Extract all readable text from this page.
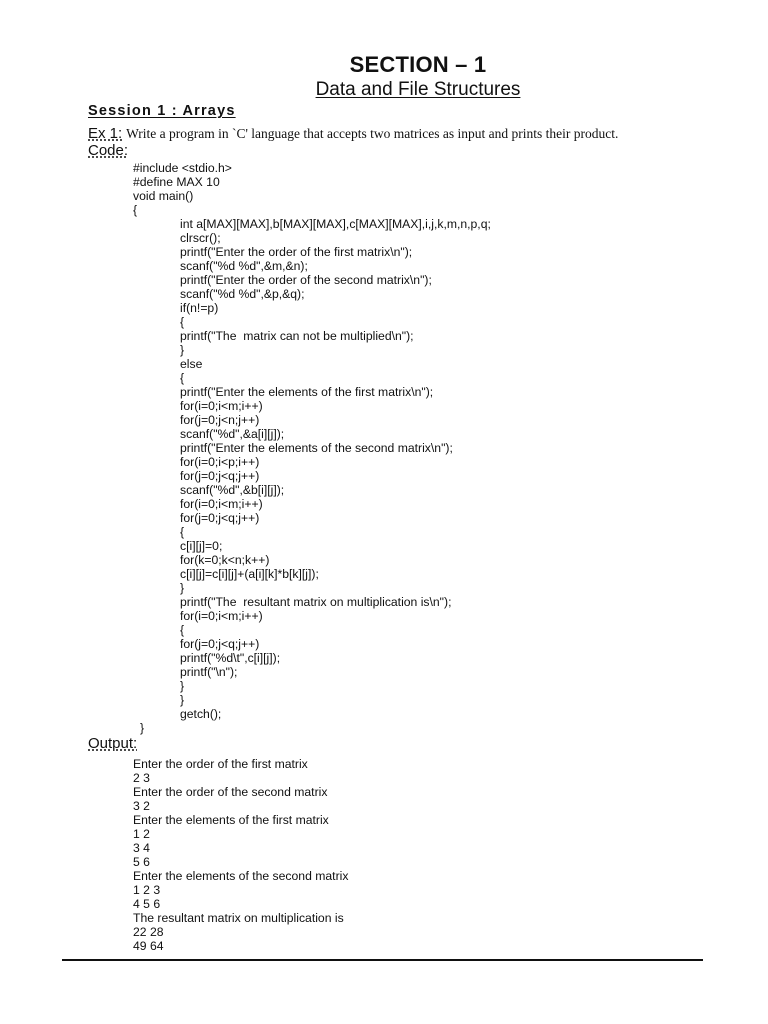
SECTION – 1
Data and File Structures
Session 1 : Arrays
Ex 1: Write a program in `C' language that accepts two matrices as input and prints their product.
Code:
#include <stdio.h>
#define MAX 10
void main()
{
int a[MAX][MAX],b[MAX][MAX],c[MAX][MAX],i,j,k,m,n,p,q;
clrscr();
printf("Enter the order of the first matrix\n");
scanf("%d %d",&m,&n);
printf("Enter the order of the second matrix\n");
scanf("%d %d",&p,&q);
if(n!=p)
{
printf("The  matrix can not be multiplied\n");
}
else
{
printf("Enter the elements of the first matrix\n");
for(i=0;i<m;i++)
for(j=0;j<n;j++)
scanf("%d",&a[i][j]);
printf("Enter the elements of the second matrix\n");
for(i=0;i<p;i++)
for(j=0;j<q;j++)
scanf("%d",&b[i][j]);
for(i=0;i<m;i++)
for(j=0;j<q;j++)
{
c[i][j]=0;
for(k=0;k<n;k++)
c[i][j]=c[i][j]+(a[i][k]*b[k][j]);
}
printf("The  resultant matrix on multiplication is\n");
for(i=0;i<m;i++)
{
for(j=0;j<q;j++)
printf("%d\t",c[i][j]);
printf("\n");
}
}
getch();
}
Output:
Enter the order of the first matrix
2 3
Enter the order of the second matrix
3 2
Enter the elements of the first matrix
1 2
3 4
5 6
Enter the elements of the second matrix
1 2 3
4 5 6
The resultant matrix on multiplication is
22 28
49 64
